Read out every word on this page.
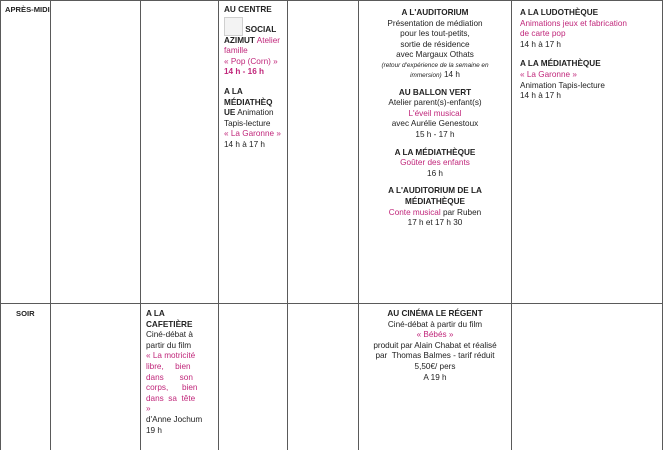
APRÈS-MIDI
SOIR
AU CENTRE
SOCIAL
AZIMUT Atelier
famille
« Pop (Corn) »
14 h - 16 h
A LA
MÉDIATHÈQ
UE Animation
Tapis-lecture
« La Garonne »
14 h à 17 h
A L'AUDITORIUM
Présentation de médiation
pour les tout-petits,
sortie de résidence
avec Margaux Othats
(retour d'expérience de la semaine en
immersion) 14 h
AU BALLON VERT
Atelier parent(s)-enfant(s)
L'éveil musical
avec Aurélie Genestoux
15 h - 17 h
A LA MÉDIATHÈQUE
Goûter des enfants
16 h
A L'AUDITORIUM DE LA
MÉDIATHÈQUE
Conte musical par Ruben
17 h et 17 h 30
A LA LUDOTHÈQUE
Animations jeux et fabrication
de carte pop
14 h à 17 h
A LA MÉDIATHÈQUE
« La Garonne »
Animation Tapis-lecture
14 h à 17 h
A LA
CAFETIÈRE
Ciné-débat à
partir du film
« La motricité
libre,     bien
dans       son
corps,      bien
dans  sa  tête
»
d'Anne Jochum
19 h
AU CINÉMA LE RÉGENT
Ciné-débat à partir du film
« Bébés »
produit par Alain Chabat et réalisé
par  Thomas Balmes - tarif réduit
5,50€/ pers
A 19 h
